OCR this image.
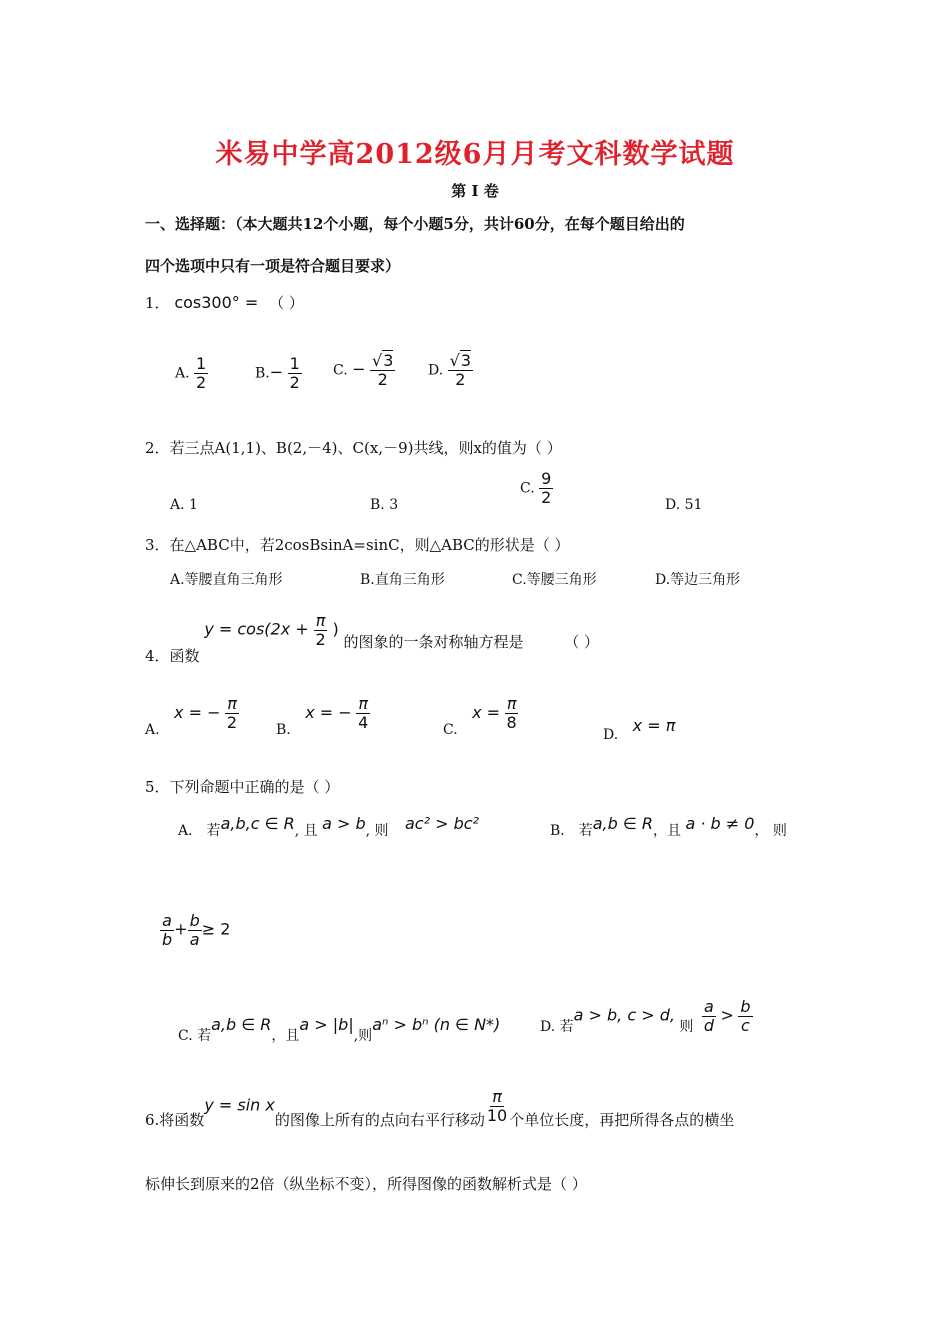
米易中学高2012级6月月考文科数学试题
第 I 卷
一、选择题：（本大题共12个小题，每个小题5分，共计60分，在每个题目给出的
四个选项中只有一项是符合题目要求）
1． cos300° = （ ）
A. $\frac{1}{2}$	$B.- \frac{1}{2} C$. − $\frac{√3}{2} D$. $\frac{√3}{2}$
2．若三点A(1,1)、B(2,－4)、C(x,－9)共线，则x的值为（ ）
A. 1	B. 3
C. $\frac{9}{2}$	D. 51
3．在△ABC中，若2cosBsinA=sinC，则△ABC的形状是（ ）
A.等腰直角三角形	B.直角三角形	C.等腰三角形	D.等边三角形
4．函数 $y = \cos(2x + \frac{\pi}{2}$ ) 的图象的一条对称轴方程是	（ ）
A. x = − $\frac{\pi}{2}$	B. x = − $\frac{\pi}{4}$	C. $x = \frac{\pi}{8}$
D. x = π
5．下列命题中正确的是（ ）
A． 若a,b,c ∈ R, 且 a > b, 则 ac² > bc²	B． 若a,b ∈ R，且 a · b ≠ 0， 则
$\frac{a}{b} + \frac{b}{a} \ge 2$
C. 若a,b ∈ R，且a > |b|,则aⁿ > bⁿ (n ∈ N*)	D. 若a > b, c > d, 则 $\frac{a}{d} > \frac{b}{c}$
6.将函数y = sin x的图像上所有的点向右平行移动 $\frac{\pi}{10}$ 个单位长度，再把所得各点的横坐
标伸长到原来的2倍（纵坐标不变），所得图像的函数解析式是（ ）
